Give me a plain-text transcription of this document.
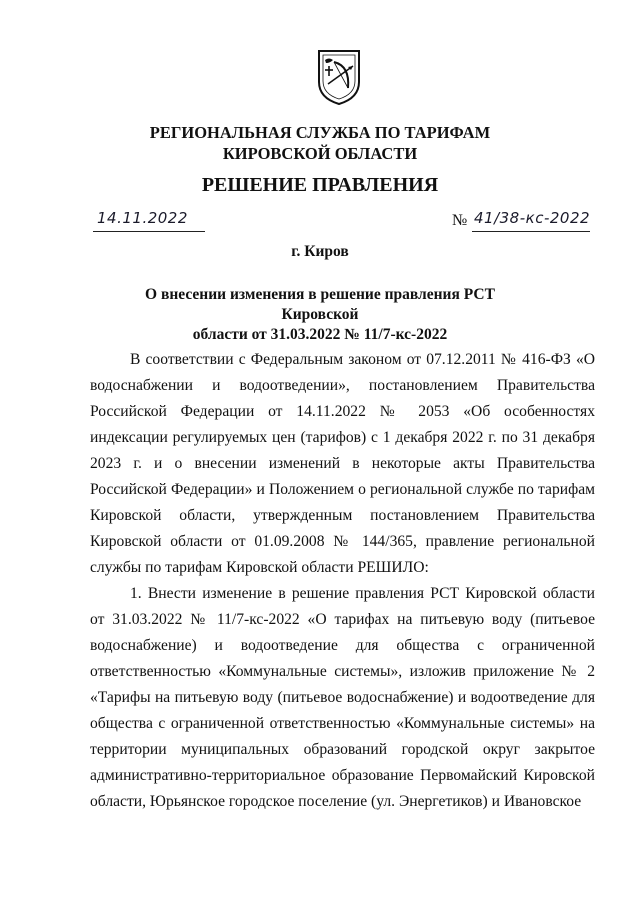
РЕГИОНАЛЬНАЯ СЛУЖБА ПО ТАРИФАМ
КИРОВСКОЙ ОБЛАСТИ
РЕШЕНИЕ ПРАВЛЕНИЯ
14.11.2022	№ 41/38-кс-2022
г. Киров
О внесении изменения в решение правления РСТ Кировской
области от 31.03.2022 № 11/7-кс-2022

В соответствии с Федеральным законом от 07.12.2011 № 416-ФЗ «О водоснабжении и водоотведении», постановлением Правительства Российской Федерации от 14.11.2022 № 2053 «Об особенностях индексации регулируемых цен (тарифов) с 1 декабря 2022 г. по 31 декабря 2023 г. и о внесении изменений в некоторые акты Правительства Российской Федерации» и Положением о региональной службе по тарифам Кировской области, утвержденным постановлением Правительства Кировской области от 01.09.2008 № 144/365, правление региональной службы по тарифам Кировской области РЕШИЛО:

1. Внести изменение в решение правления РСТ Кировской области от 31.03.2022 № 11/7-кс-2022 «О тарифах на питьевую воду (питьевое водоснабжение) и водоотведение для общества с ограниченной ответственностью «Коммунальные системы», изложив приложение № 2 «Тарифы на питьевую воду (питьевое водоснабжение) и водоотведение для общества с ограниченной ответственностью «Коммунальные системы» на территории муниципальных образований городской округ закрытое административно-территориальное образование Первомайский Кировской области, Юрьянское городское поселение (ул. Энергетиков) и Ивановское
